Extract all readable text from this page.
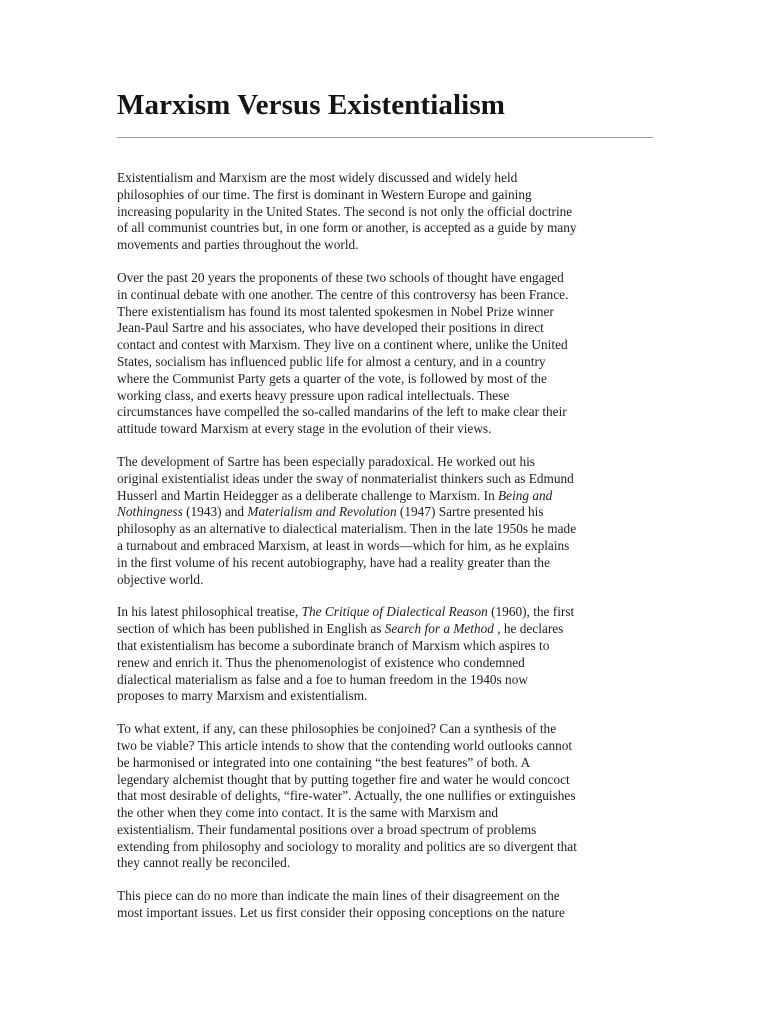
Marxism Versus Existentialism

Existentialism and Marxism are the most widely discussed and widely held
philosophies of our time. The first is dominant in Western Europe and gaining
increasing popularity in the United States. The second is not only the official doctrine
of all communist countries but, in one form or another, is accepted as a guide by many
movements and parties throughout the world.

Over the past 20 years the proponents of these two schools of thought have engaged
in continual debate with one another. The centre of this controversy has been France.
There existentialism has found its most talented spokesmen in Nobel Prize winner
Jean-Paul Sartre and his associates, who have developed their positions in direct
contact and contest with Marxism. They live on a continent where, unlike the United
States, socialism has influenced public life for almost a century, and in a country
where the Communist Party gets a quarter of the vote, is followed by most of the
working class, and exerts heavy pressure upon radical intellectuals. These
circumstances have compelled the so-called mandarins of the left to make clear their
attitude toward Marxism at every stage in the evolution of their views.

The development of Sartre has been especially paradoxical. He worked out his
original existentialist ideas under the sway of nonmaterialist thinkers such as Edmund
Husserl and Martin Heidegger as a deliberate challenge to Marxism. In Being and
Nothingness (1943) and Materialism and Revolution (1947) Sartre presented his
philosophy as an alternative to dialectical materialism. Then in the late 1950s he made
a turnabout and embraced Marxism, at least in words—which for him, as he explains
in the first volume of his recent autobiography, have had a reality greater than the
objective world.

In his latest philosophical treatise, The Critique of Dialectical Reason (1960), the first
section of which has been published in English as Search for a Method , he declares
that existentialism has become a subordinate branch of Marxism which aspires to
renew and enrich it. Thus the phenomenologist of existence who condemned
dialectical materialism as false and a foe to human freedom in the 1940s now
proposes to marry Marxism and existentialism.

To what extent, if any, can these philosophies be conjoined? Can a synthesis of the
two be viable? This article intends to show that the contending world outlooks cannot
be harmonised or integrated into one containing “the best features” of both. A
legendary alchemist thought that by putting together fire and water he would concoct
that most desirable of delights, “fire-water”. Actually, the one nullifies or extinguishes
the other when they come into contact. It is the same with Marxism and
existentialism. Their fundamental positions over a broad spectrum of problems
extending from philosophy and sociology to morality and politics are so divergent that
they cannot really be reconciled.

This piece can do no more than indicate the main lines of their disagreement on the
most important issues. Let us first consider their opposing conceptions on the nature
